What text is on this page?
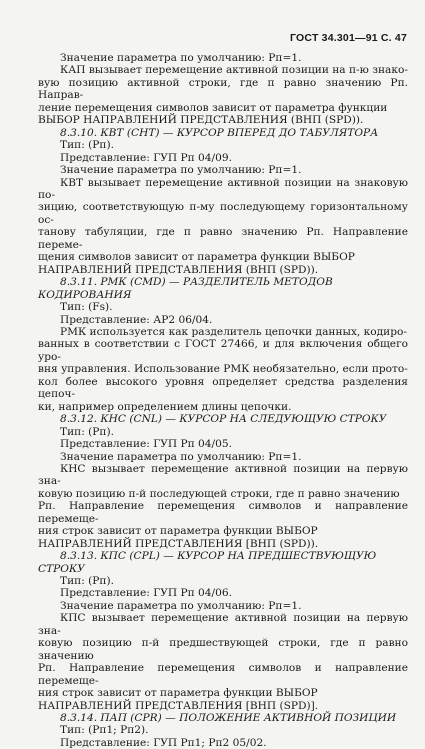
ГОСТ 34.301—91 С. 47

Значение параметра по умолчанию: Рп=1.

КАП вызывает перемещение активной позиции на п-ю знако-

вую позицию активной строки, где п равно значению Рп. Направ-

ление перемещения символов зависит от параметра функции ВЫБОР НАПРАВЛЕНИЙ ПРЕДСТАВЛЕНИЯ (ВНП (SPD)).

8.3.10. КВТ (CHT) — КУРСОР ВПЕРЕД ДО ТАБУЛЯТОРА

Тип: (Рп).

Представление: ГУП Рп 04/09.

Значение параметра по умолчанию: Рп=1.

КВТ вызывает перемещение активной позиции на знаковую по-

зицию, соответствующую п-му последующему горизонтальному ос-

танову табуляции, где п равно значению Рп. Направление переме-

щения символов зависит от параметра функции ВЫБОР НАПРАВЛЕНИЙ ПРЕДСТАВЛЕНИЯ (ВНП (SPD)).

8.3.11. РМК (CMD) — РАЗДЕЛИТЕЛЬ МЕТОДОВ КОДИРОВАНИЯ

Тип: (Fs).

Представление: АР2 06/04.

РМК используется как разделитель цепочки данных, кодиро-

ванных в соответствии с ГОСТ 27466, и для включения общего уро-

вня управления. Использование РМК необязательно, если прото-

кол более высокого уровня определяет средства разделения цепоч-

ки, например определением длины цепочки.

8.3.12. КНС (CNL) — КУРСОР НА СЛЕДУЮЩУЮ СТРОКУ

Тип: (Рп).

Представление: ГУП Рп 04/05.

Значение параметра по умолчанию: Рп=1.

КНС вызывает перемещение активной позиции на первую зна-

ковую позицию п-й последующей строки, где п равно значению

Рп. Направление перемещения символов и направление перемеще-

ния строк зависит от параметра функции ВЫБОР НАПРАВЛЕНИЙ ПРЕДСТАВЛЕНИЯ [ВНП (SPD)).

8.3.13. КПС (CPL) — КУРСОР НА ПРЕДШЕСТВУЮЩУЮ СТРОКУ

Тип: (Рп).

Представление: ГУП Рп 04/06.

Значение параметра по умолчанию: Рп=1.

КПС вызывает перемещение активной позиции на первую зна-

ковую позицию п-й предшествующей строки, где п равно значению

Рп. Направление перемещения символов и направление перемеще-

ния строк зависит от параметра функции ВЫБОР НАПРАВЛЕНИЙ ПРЕДСТАВЛЕНИЯ [ВНП (SPD)].

8.3.14. ПАП (CPR) — ПОЛОЖЕНИЕ АКТИВНОЙ ПОЗИЦИИ

Тип: (Рп1; Рп2).

Представление: ГУП Рп1; Рп2 05/02.
